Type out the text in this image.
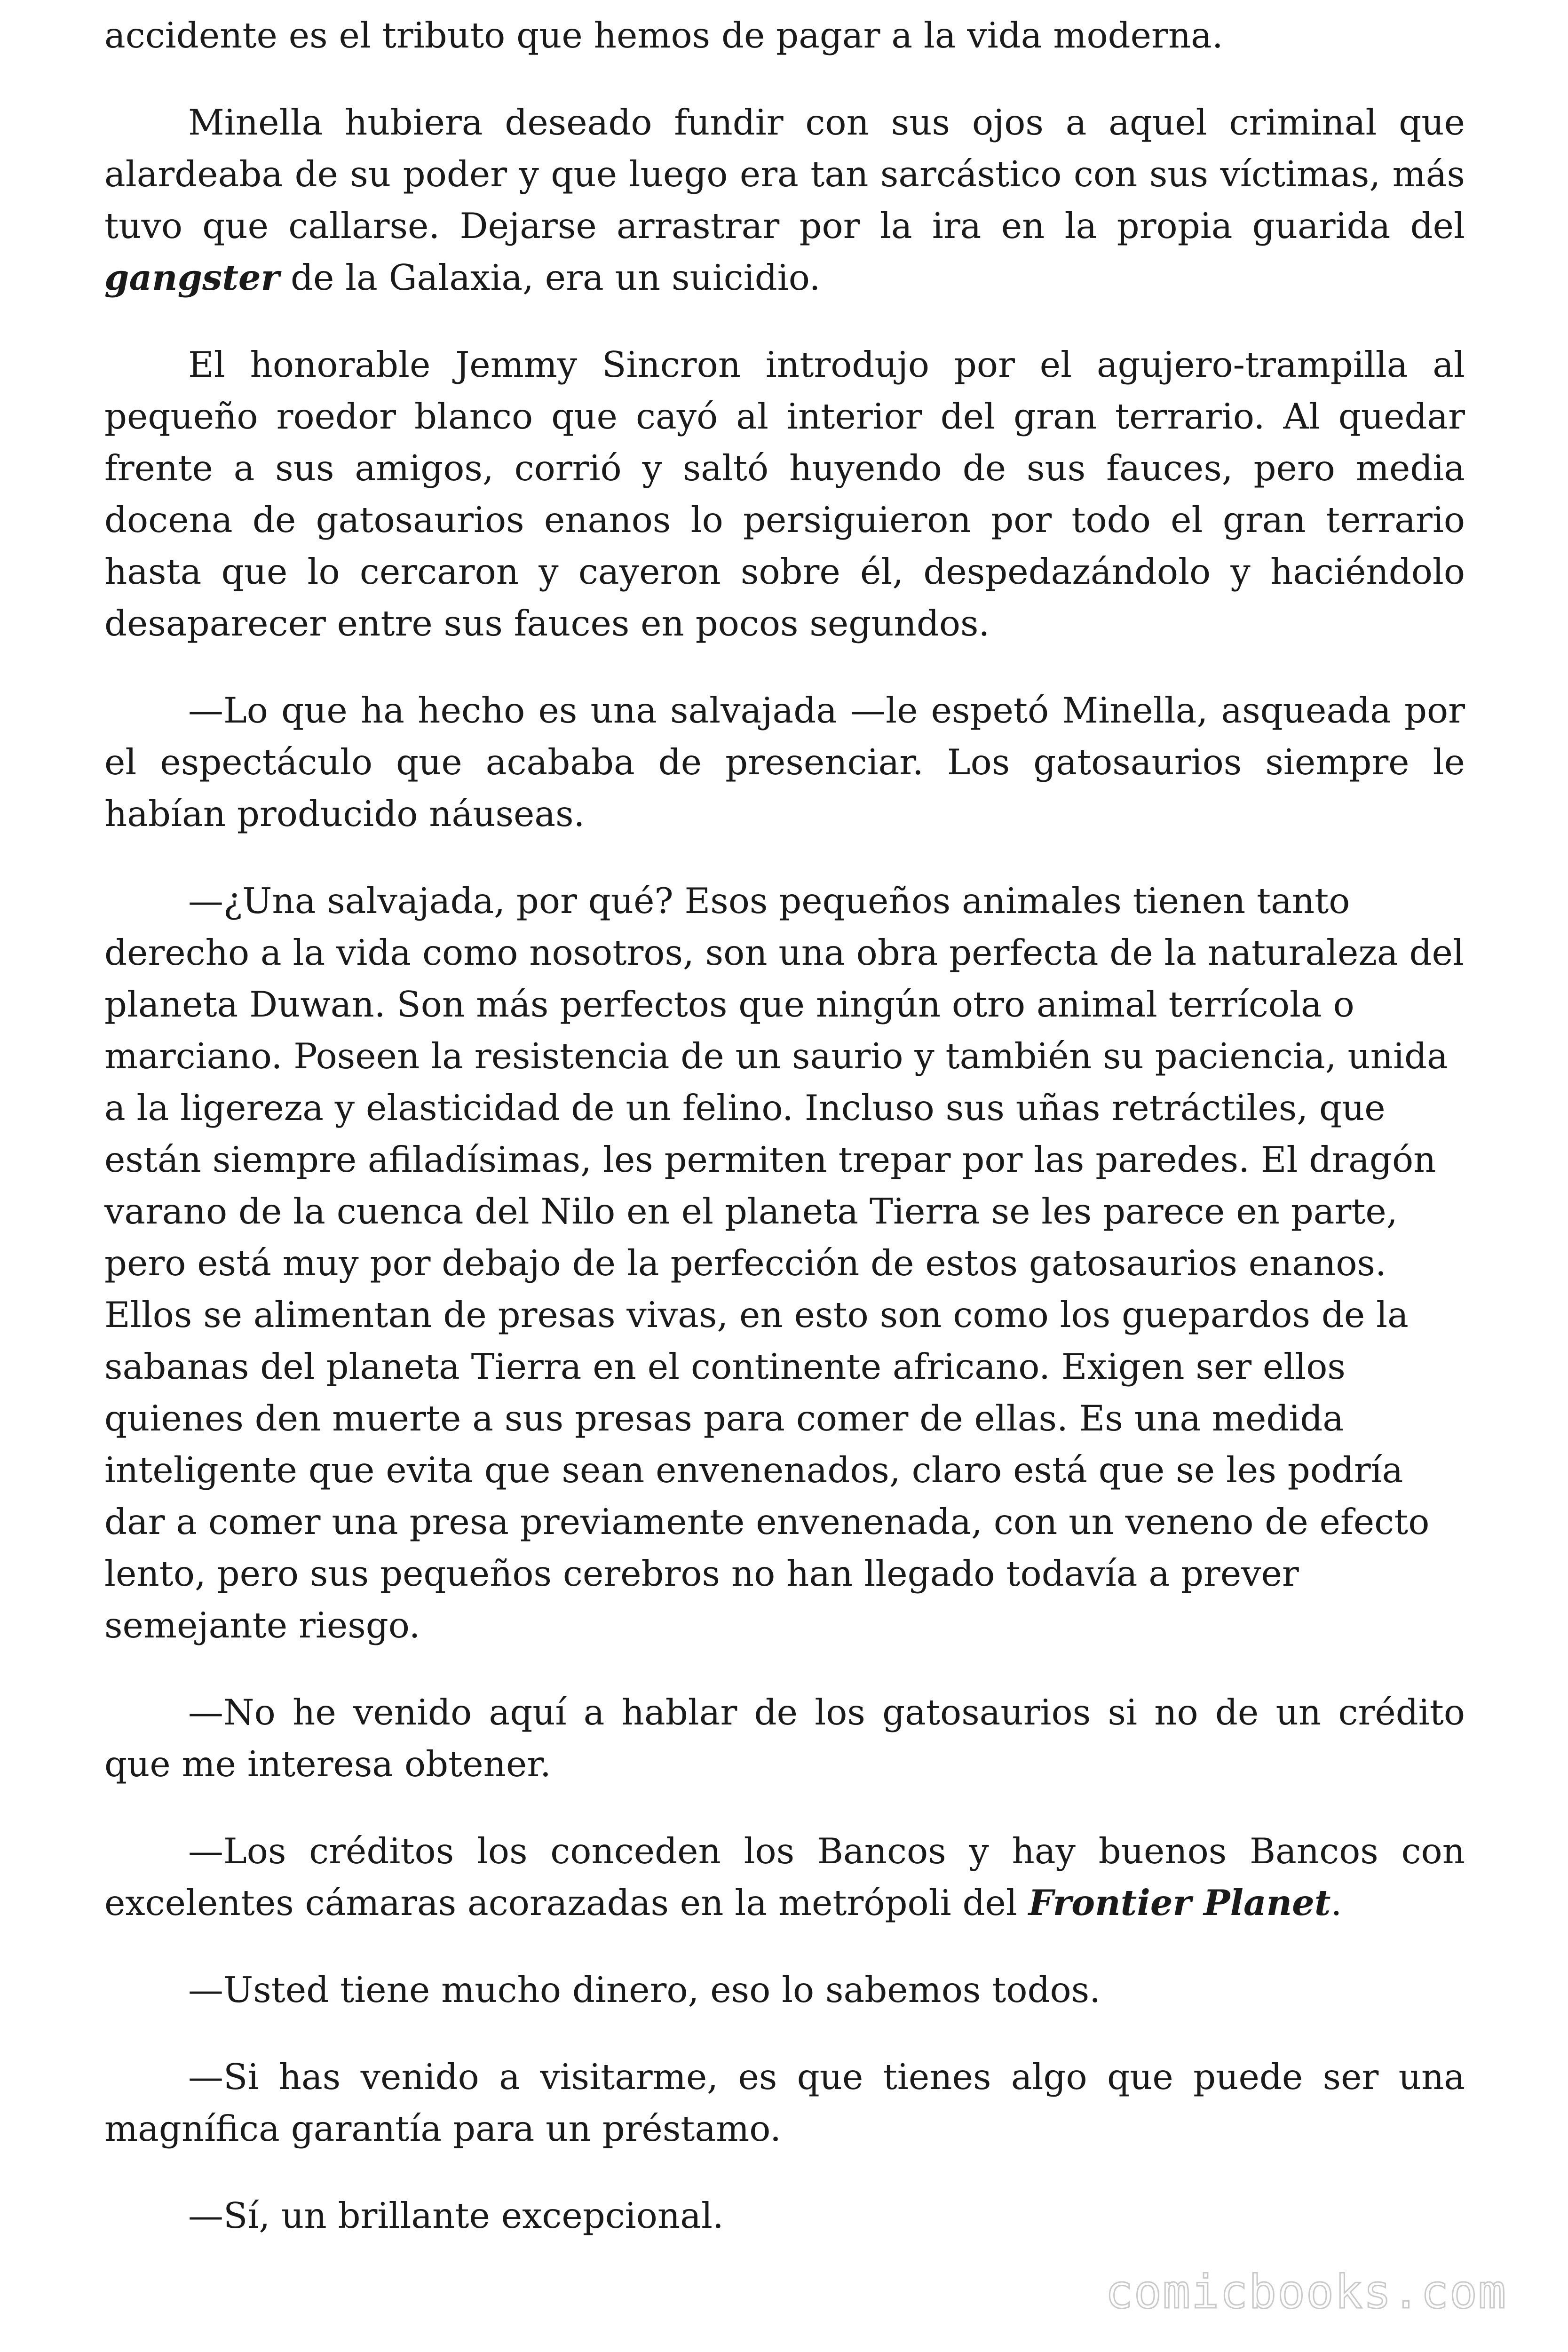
accidente es el tributo que hemos de pagar a la vida moderna.

Minella hubiera deseado fundir con sus ojos a aquel criminal que alardeaba de su poder y que luego era tan sarcástico con sus víctimas, más tuvo que callarse. Dejarse arrastrar por la ira en la propia guarida del gangster de la Galaxia, era un suicidio.

El honorable Jemmy Sincron introdujo por el agujero-trampilla al pequeño roedor blanco que cayó al interior del gran terrario. Al quedar frente a sus amigos, corrió y saltó huyendo de sus fauces, pero media docena de gatosaurios enanos lo persiguieron por todo el gran terrario hasta que lo cercaron y cayeron sobre él, despedazándolo y haciéndolo desaparecer entre sus fauces en pocos segundos.

—Lo que ha hecho es una salvajada —le espetó Minella, asqueada por el espectáculo que acababa de presenciar. Los gatosaurios siempre le habían producido náuseas.

—¿Una salvajada, por qué? Esos pequeños animales tienen tanto derecho a la vida como nosotros, son una obra perfecta de la naturaleza del planeta Duwan. Son más perfectos que ningún otro animal terrícola o marciano. Poseen la resistencia de un saurio y también su paciencia, unida a la ligereza y elasticidad de un felino. Incluso sus uñas retráctiles, que están siempre afiladísimas, les permiten trepar por las paredes. El dragón varano de la cuenca del Nilo en el planeta Tierra se les parece en parte, pero está muy por debajo de la perfección de estos gatosaurios enanos. Ellos se alimentan de presas vivas, en esto son como los guepardos de la sabanas del planeta Tierra en el continente africano. Exigen ser ellos quienes den muerte a sus presas para comer de ellas. Es una medida inteligente que evita que sean envenenados, claro está que se les podría dar a comer una presa previamente envenenada, con un veneno de efecto lento, pero sus pequeños cerebros no han llegado todavía a prever semejante riesgo.

—No he venido aquí a hablar de los gatosaurios si no de un crédito que me interesa obtener.

—Los créditos los conceden los Bancos y hay buenos Bancos con excelentes cámaras acorazadas en la metrópoli del Frontier Planet.

—Usted tiene mucho dinero, eso lo sabemos todos.

—Si has venido a visitarme, es que tienes algo que puede ser una magnífica garantía para un préstamo.

—Sí, un brillante excepcional.

comicbooks.com
